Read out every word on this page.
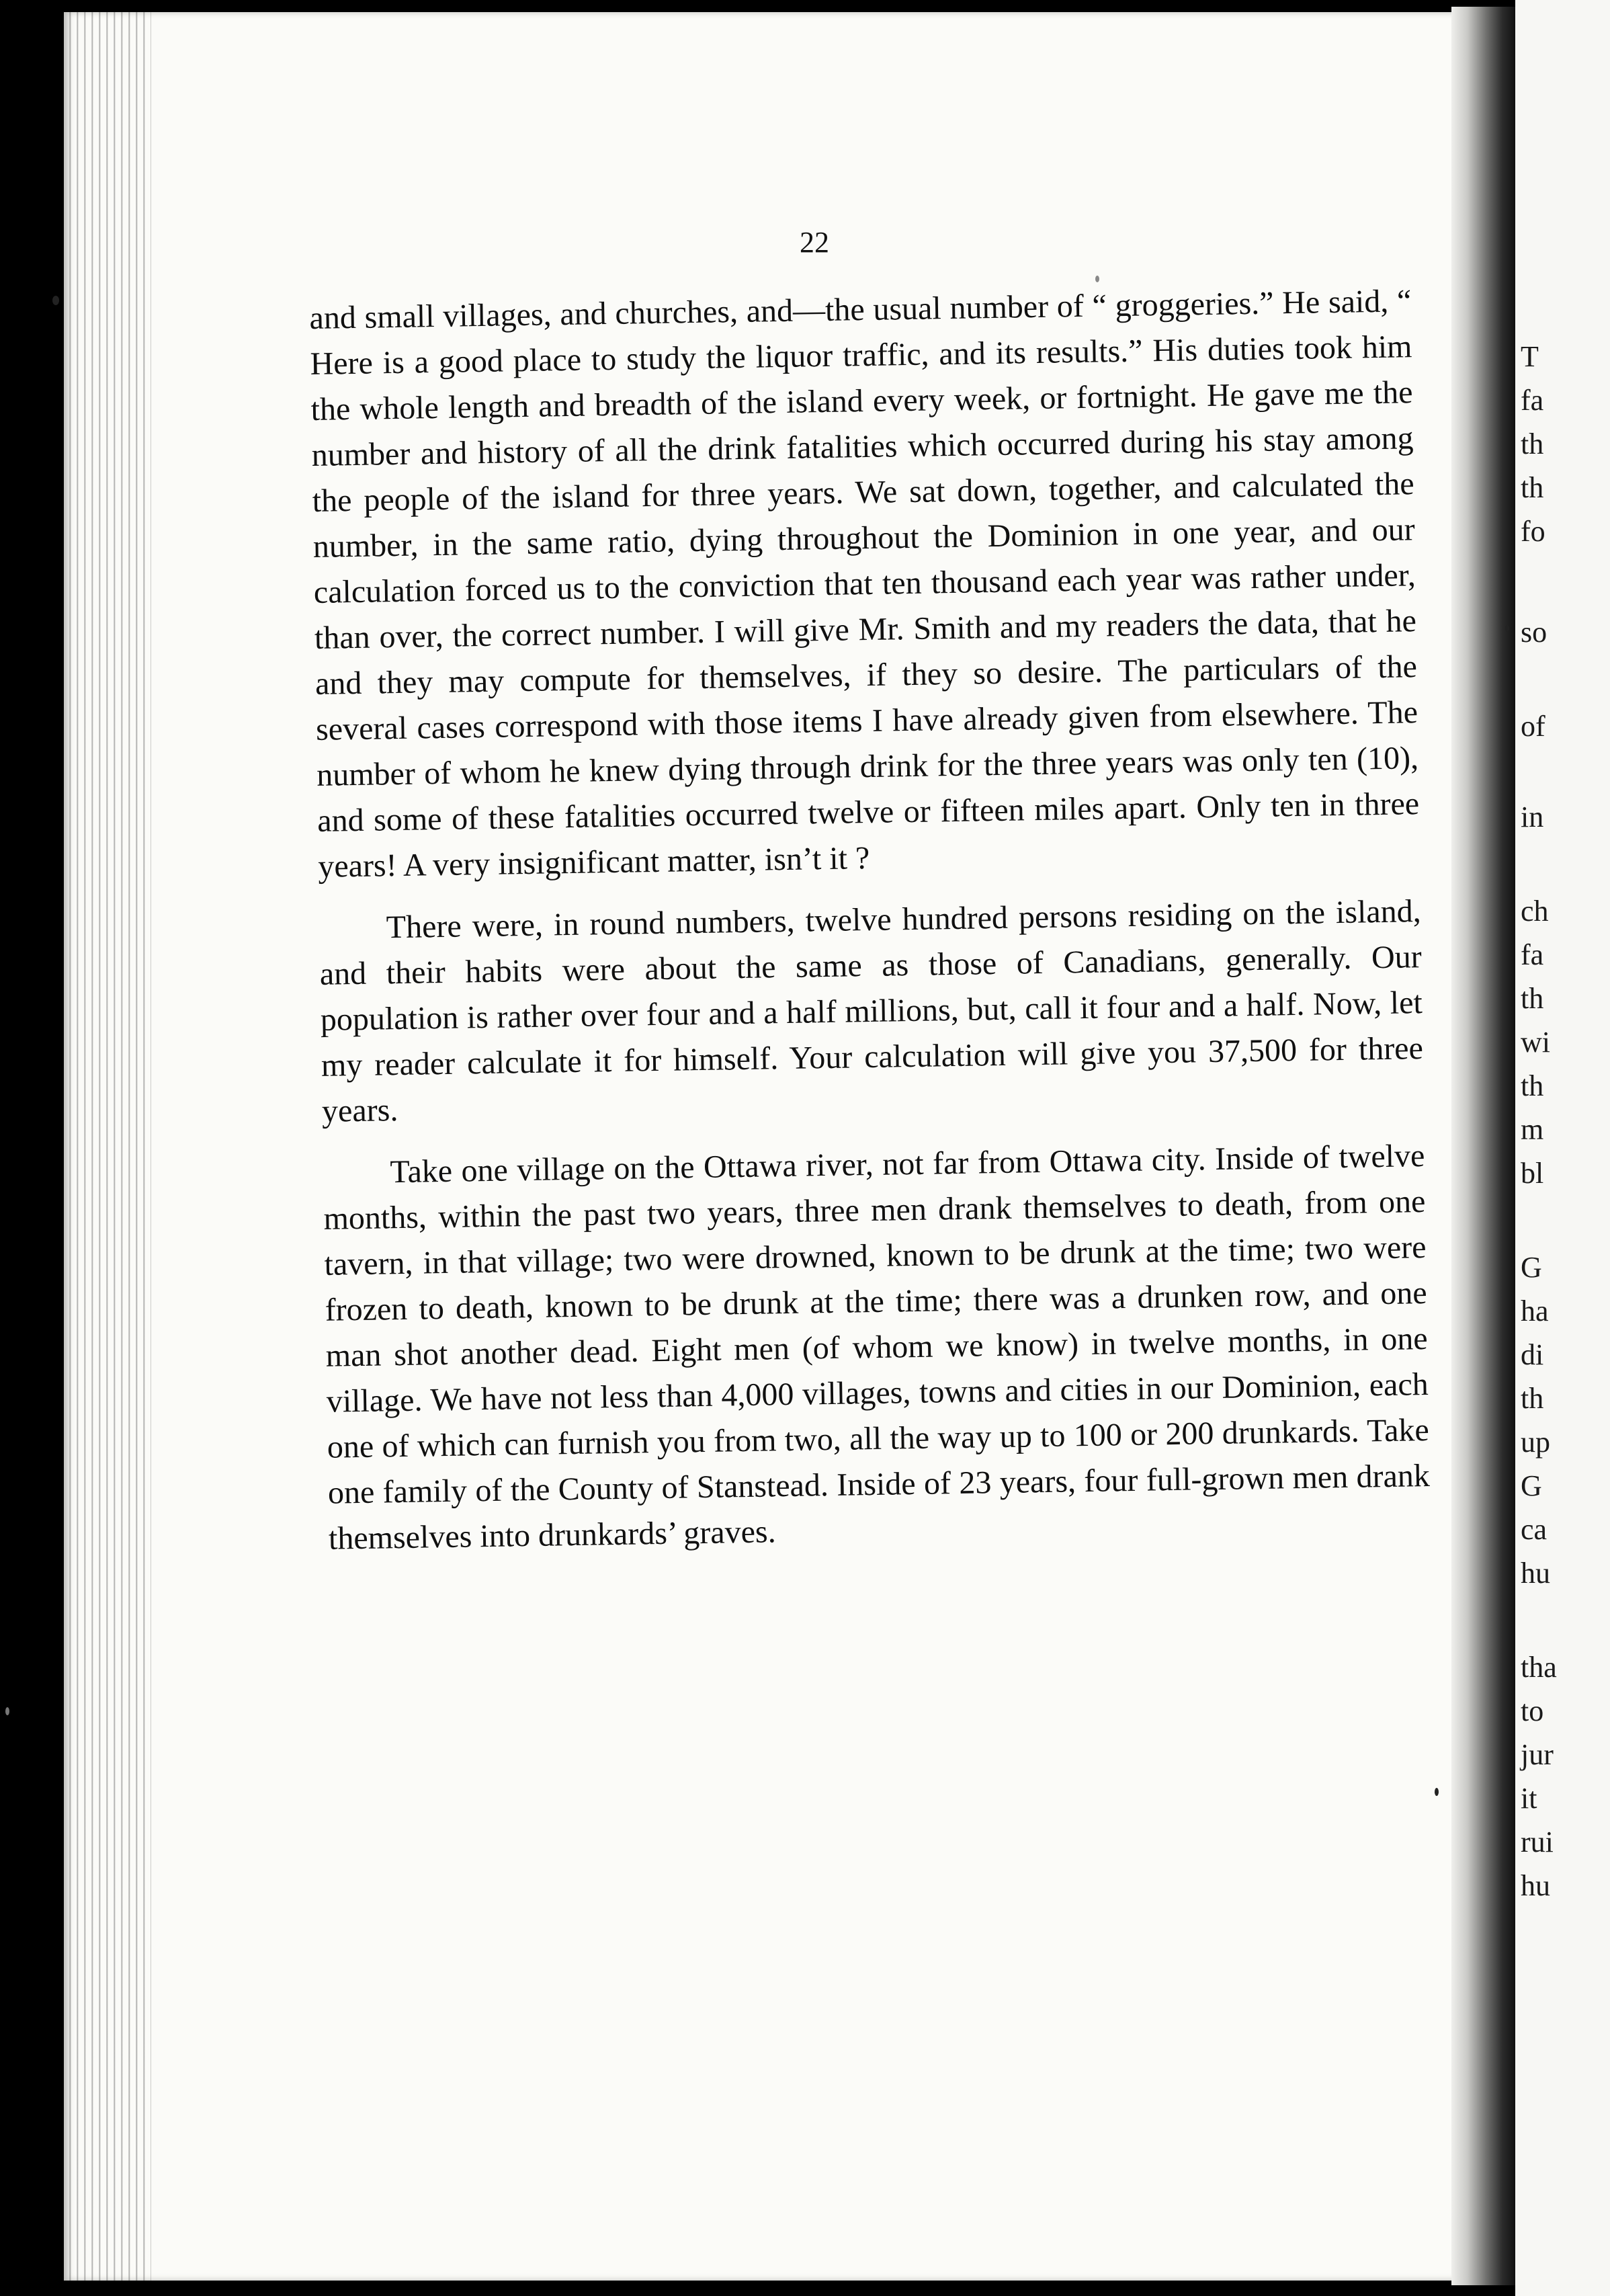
T
fa
th
th
fo
so
of
in
ch
fa
th
wi
th
m
bl
G
ha
di
th
up
G
ca
hu
tha
to
jur
it
rui
hu
22

and small villages, and churches, and—the usual number of “ groggeries.” He said, “ Here is a good place to study the liquor traffic, and its results.” His duties took him the whole length and breadth of the island every week, or fortnight. He gave me the number and history of all the drink fatalities which occurred during his stay among the people of the island for three years. We sat down, together, and calculated the number, in the same ratio, dying throughout the Dominion in one year, and our calculation forced us to the conviction that ten thousand each year was rather under, than over, the correct number. I will give Mr. Smith and my readers the data, that he and they may compute for themselves, if they so desire. The particulars of the several cases correspond with those items I have already given from elsewhere. The number of whom he knew dying through drink for the three years was only ten (10), and some of these fatalities occurred twelve or fifteen miles apart. Only ten in three years! A very insignificant matter, isn’t it ?

There were, in round numbers, twelve hundred persons residing on the island, and their habits were about the same as those of Canadians, generally. Our population is rather over four and a half millions, but, call it four and a half. Now, let my reader calculate it for himself. Your calculation will give you 37,500 for three years.

Take one village on the Ottawa river, not far from Ottawa city. Inside of twelve months, within the past two years, three men drank themselves to death, from one tavern, in that village; two were drowned, known to be drunk at the time; two were frozen to death, known to be drunk at the time; there was a drunken row, and one man shot another dead. Eight men (of whom we know) in twelve months, in one village. We have not less than 4,000 villages, towns and cities in our Dominion, each one of which can furnish you from two, all the way up to 100 or 200 drunkards. Take one family of the County of Stanstead. Inside of 23 years, four full-grown men drank themselves into drunkards’ graves.
